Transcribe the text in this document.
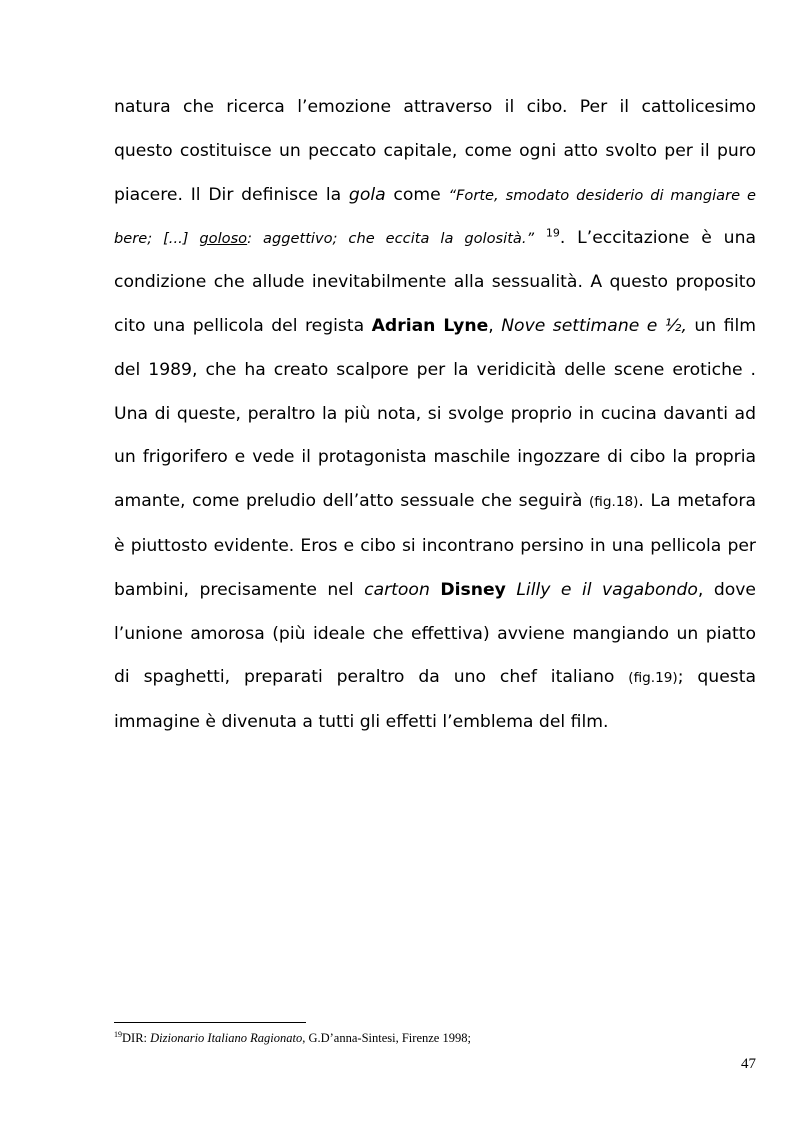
natura che ricerca l’emozione attraverso il cibo. Per il cattolicesimo questo costituisce un peccato capitale, come ogni atto svolto per il puro piacere. Il Dir definisce la gola come “Forte, smodato desiderio di mangiare e bere; [...] goloso: aggettivo; che eccita la golosità.” $^{19}$. L’eccitazione è una condizione che allude inevitabilmente alla sessualità. A questo proposito cito una pellicola del regista Adrian Lyne, Nove settimane e ½, un film del 1989, che ha creato scalpore per la veridicità delle scene erotiche . Una di queste, peraltro la più nota, si svolge proprio in cucina davanti ad un frigorifero e vede il protagonista maschile ingozzare di cibo la propria amante, come preludio dell’atto sessuale che seguirà (fig.18). La metafora è piuttosto evidente. Eros e cibo si incontrano persino in una pellicola per bambini, precisamente nel cartoon Disney Lilly e il vagabondo, dove l’unione amorosa (più ideale che effettiva) avviene mangiando un piatto di spaghetti, preparati peraltro da uno chef italiano (fig.19); questa immagine è divenuta a tutti gli effetti l’emblema del film.
$^{19}$DIR: Dizionario Italiano Ragionato, G.D’anna-Sintesi, Firenze 1998;
47
